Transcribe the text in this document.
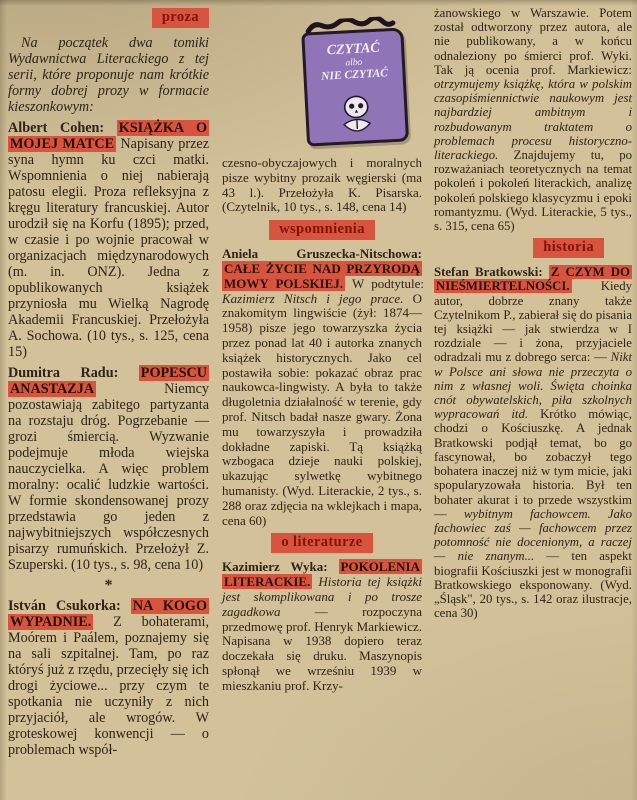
proza

Na początek dwa tomiki Wydawnictwa Literackiego z tej serii, które proponuje nam krótkie formy dobrej prozy w formacie kieszonkowym:

Albert Cohen: KSIĄŻKA O MOJEJ MATCE Napisany przez syna hymn ku czci matki. Wspomnienia o niej nabierają patosu elegii. Proza refleksyjna z kręgu literatury francuskiej. Autor urodził się na Korfu (1895); przed, w czasie i po wojnie pracował w organizacjach międzynarodowych (m. in. ONZ). Jedna z opublikowanych książek przyniosła mu Wielką Nagrodę Akademii Francuskiej. Przełożyła A. Sochowa. (10 tys., s. 125, cena 15)

Dumitra Radu: POPESCU ANASTAZJA Niemcy pozostawiają zabitego partyzanta na rozstaju dróg. Pogrzebanie — grozi śmiercią. Wyzwanie podejmuje młoda wiejska nauczycielka. A więc problem moralny: ocalić ludzkie wartości. W formie skondensowanej prozy przedstawia go jeden z najwybitniejszych współczesnych pisarzy rumuńskich. Przełożył Z. Szuperski. (10 tys., s. 98, cena 10)

*

István Csukorka: NA KOGO WYPADNIE. Z bohaterami, Moórem i Paálem, poznajemy się na sali szpitalnej. Tam, po raz któryś już z rzędu, przecięły się ich drogi życiowe... przy czym te spotkania nie uczyniły z nich przyjaciół, ale wrogów. W groteskowej konwencji — o problemach współ-

CZYTAĆ
albo
NIE CZYTAĆ

czesno-obyczajowych i moralnych pisze wybitny prozaik węgierski (ma 43 l.). Przełożyła K. Pisarska. (Czytelnik, 10 tys., s. 148, cena 14)

wspomnienia

Aniela Gruszecka-Nitschowa: CAŁE ŻYCIE NAD PRZYRODĄ MOWY POLSKIEJ. W podtytule: Kazimierz Nitsch i jego prace. O znakomitym lingwiście (żył: 1874—1958) pisze jego towarzyszka życia przez ponad lat 40 i autorka znanych książek historycznych. Jako cel postawiła sobie: pokazać obraz prac naukowca-lingwisty. A była to także długoletnia działalność w terenie, gdy prof. Nitsch badał nasze gwary. Żona mu towarzyszyła i prowadziła dokładne zapiski. Tą książką wzbogaca dzieje nauki polskiej, ukazując sylwetkę wybitnego humanisty. (Wyd. Literackie, 2 tys., s. 288 oraz zdjęcia na wklejkach i mapa, cena 60)

o literaturze

Kazimierz Wyka: POKOLENIA LITERACKIE. Historia tej książki jest skomplikowana i po trosze zagadkowa — rozpoczyna przedmowę prof. Henryk Markiewicz. Napisana w 1938 dopiero teraz doczekała się druku. Maszynopis spłonął we wrześniu 1939 w mieszkaniu prof. Krzy-

żanowskiego w Warszawie. Potem został odtworzony przez autora, ale nie publikowany, a w końcu odnaleziony po śmierci prof. Wyki. Tak ją ocenia prof. Markiewicz: otrzymujemy książkę, która w polskim czasopiśmiennictwie naukowym jest najbardziej ambitnym i rozbudowanym traktatem o problemach procesu historyczno-literackiego. Znajdujemy tu, po rozważaniach teoretycznych na temat pokoleń i pokoleń literackich, analizę pokoleń polskiego klasycyzmu i epoki romantyzmu. (Wyd. Literackie, 5 tys., s. 315, cena 65)

historia

Stefan Bratkowski: Z CZYM DO NIEŚMIERTELNOŚCI. Kiedy autor, dobrze znany także Czytelnikom P., zabierał się do pisania tej książki — jak stwierdza w I rozdziale — i żona, przyjaciele odradzali mu z dobrego serca: — Nikt w Polsce ani słowa nie przeczyta o nim z własnej woli. Święta choinka cnót obywatelskich, piła szkolnych wypracowań itd. Krótko mówiąc, chodzi o Kościuszkę. A jednak Bratkowski podjął temat, bo go fascynował, bo zobaczył tego bohatera inaczej niż w tym micie, jaki spopularyzowała historia. Był ten bohater akurat i to przede wszystkim — wybitnym fachowcem. Jako fachowiec zaś — fachowcem przez potomność nie docenionym, a raczej — nie znanym... — ten aspekt biografii Kościuszki jest w monografii Bratkowskiego eksponowany. (Wyd. „Śląsk", 20 tys., s. 142 oraz ilustracje, cena 30)
